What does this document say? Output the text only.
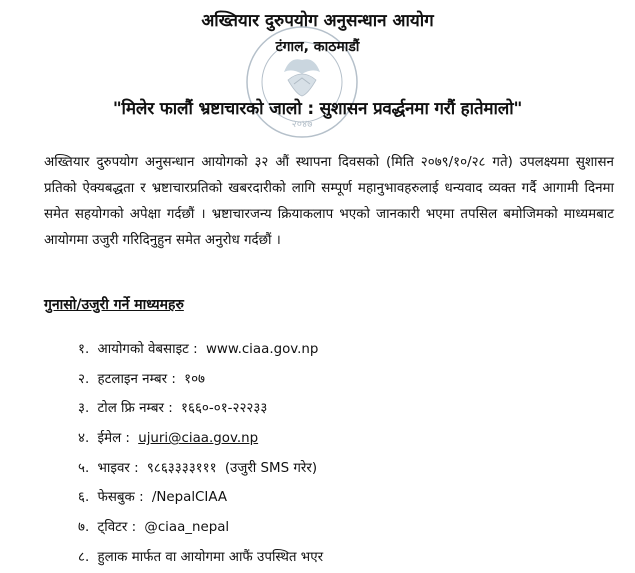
२०४७
अख्तियार दुरुपयोग अनुसन्धान आयोग
टंगाल, काठमाडौं
"मिलेर फालौं भ्रष्टाचारको जालो : सुशासन प्रवर्द्धनमा गरौं हातेमालो"
अख्तियार दुरुपयोग अनुसन्धान आयोगको ३२ औं स्थापना दिवसको (मिति २०७९/१०/२८ गते) उपलक्ष्यमा सुशासन प्रतिको ऐक्यबद्धता र भ्रष्टाचारप्रतिको खबरदारीको लागि सम्पूर्ण महानुभावहरुलाई धन्यवाद व्यक्त गर्दै आगामी दिनमा समेत सहयोगको अपेक्षा गर्दछौं । भ्रष्टाचारजन्य क्रियाकलाप भएको जानकारी भएमा तपसिल बमोजिमको माध्यमबाट आयोगमा उजुरी गरिदिनुहुन समेत अनुरोध गर्दछौं ।
गुनासो/उजुरी गर्ने माध्यमहरु
१. आयोगको वेबसाइट : www.ciaa.gov.np
२. हटलाइन नम्बर : १०७
३. टोल फ्रि नम्बर : १६६०-०१-२२२३३
४. ईमेल : ujuri@ciaa.gov.np
५. भाइवर : ९८६३३३३१११ (उजुरी SMS गरेर)
६. फेसबुक : /NepalCIAA
७. ट्विटर : @ciaa_nepal
८. हुलाक मार्फत वा आयोगमा आफैं उपस्थित भएर
